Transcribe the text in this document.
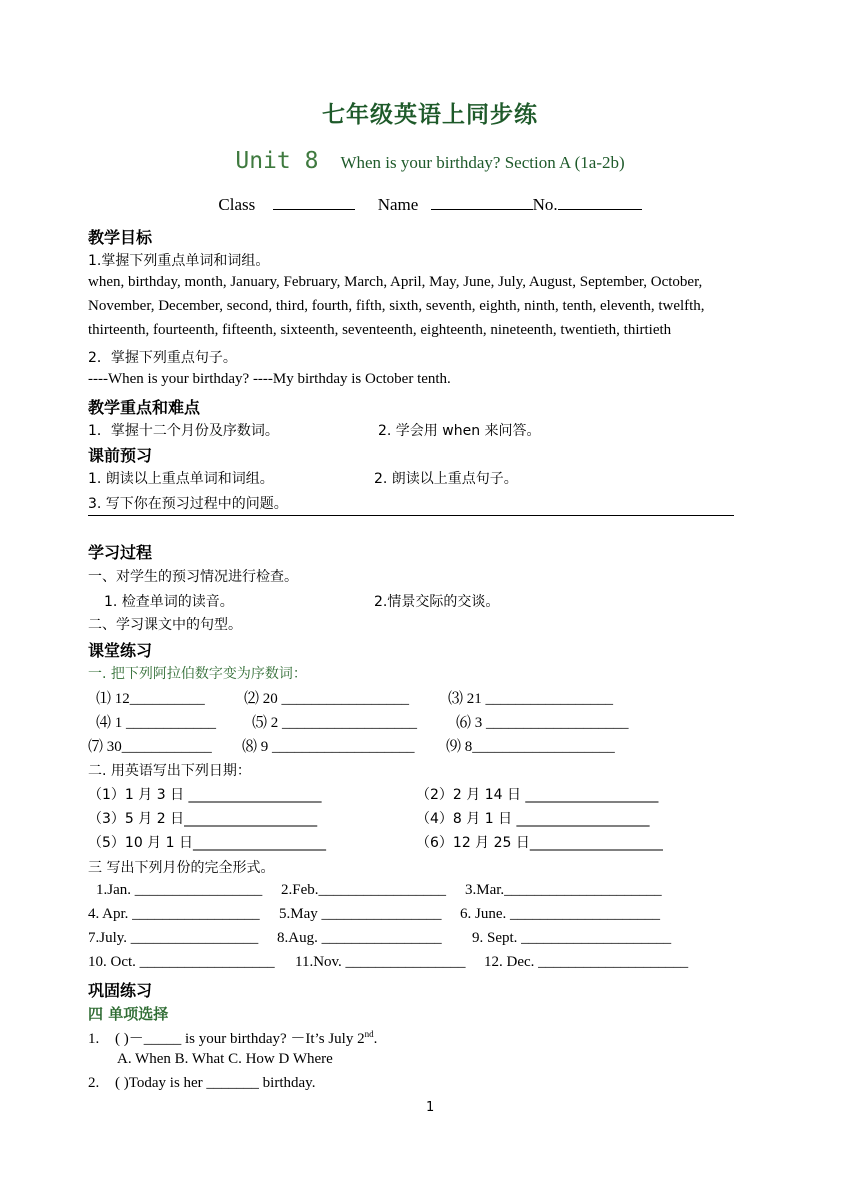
七年级英语上同步练
Unit 8 When is your birthday? Section A (1a-2b)
Class	Name	No.
教学目标
1.掌握下列重点单词和词组。
when, birthday, month, January, February, March, April, May, June, July, August, September, October,
November, December, second, third, fourth, fifth, sixth, seventh, eighth, ninth, tenth, eleventh, twelfth,
thirteenth, fourteenth, fifteenth, sixteenth, seventeenth, eighteenth, nineteenth, twentieth, thirtieth
2．掌握下列重点句子。
----When is your birthday? ----My birthday is October tenth.
教学重点和难点
1．掌握十二个月份及序数词。	2. 学会用 when 来问答。
课前预习
1. 朗读以上重点单词和词组。	2. 朗读以上重点句子。
3. 写下你在预习过程中的问题。
学习过程
一、对学生的预习情况进行检查。
1. 检查单词的读音。	2.情景交际的交谈。
二、学习课文中的句型。
课堂练习
一. 把下列阿拉伯数字变为序数词：
⑴ 12__________	⑵ 20 _________________	⑶ 21 _________________
⑷ 1 ____________ ⑸ 2 __________________	⑹ 3 ___________________
⑺ 30____________ ⑻ 9 ___________________ ⑼ 8___________________
二. 用英语写出下列日期：
（1）1 月 3 日 ___________________	（2）2 月 14 日 ___________________
（3）5 月 2 日___________________	（4）8 月 1 日 ___________________
（5）10 月 1 日___________________	（6）12 月 25 日___________________
三 写出下列月份的完全形式。
1.Jan. _________________ 2.Feb._________________ 3.Mar._____________________
4. Apr. _________________ 5.May ________________ 6. June. ____________________
7.July. _________________ 8.Aug. ________________ 9. Sept. ____________________
10. Oct. __________________ 11.Nov. ________________ 12. Dec. ____________________
巩固练习
四 单项选择
1. ( )－_____ is your birthday? －It’s July 2nd.
A. When B. What C. How D Where
2. ( )Today is her _______ birthday.
1
